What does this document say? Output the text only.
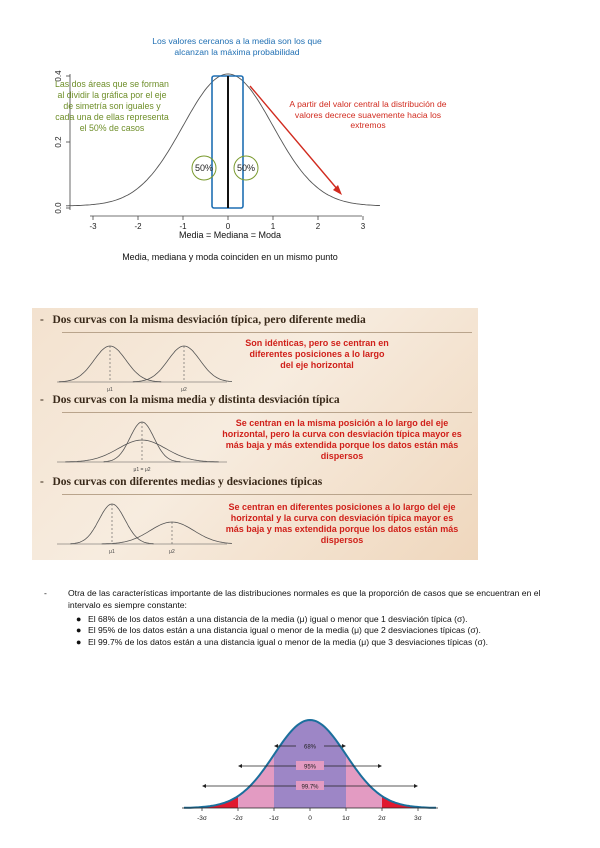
0.0
0.2
0.4
-3	-2	-1	0	1	2	3
50%	50%
Los valores cercanos a la media son los que alcanzan la máxima probabilidad
Las dos áreas que se forman al dividir la gráfica por el eje de simetría son iguales y cada una de ellas representa el 50% de casos
A partir del valor central la distribución de valores decrece suavemente hacia los extremos
Media = Mediana = Moda
Media, mediana y moda coinciden en un mismo punto
- Dos curvas con la misma desviación típica, pero diferente media
μ1	μ2
Son idénticas, pero se centran en diferentes posiciones a lo largo del eje horizontal
- Dos curvas con la misma media y distinta desviación típica
μ1 = μ2
Se centran en la misma posición a lo largo del eje horizontal, pero la curva con desviación típica mayor es más baja y más extendida porque los datos están más dispersos
- Dos curvas con diferentes medias y desviaciones típicas
μ1	μ2
Se centran en diferentes posiciones a lo largo del eje horizontal y la curva con desviación típica mayor es más baja y mas extendida porque los datos están más dispersos
- Otra de las características importante de las distribuciones normales es que la proporción de casos que se encuentran en el intervalo es siempre constante:
● El 68% de los datos están a una distancia de la media (μ) igual o menor que 1 desviación típica (σ).
● El 95% de los datos están a una distancia igual o menor de la media (μ) que 2 desviaciones típicas (σ).
● El 99.7% de los datos están a una distancia igual o menor de la media (μ) que 3 desviaciones típicas (σ).
68%
95%
99.7%
-3σ	-2σ	-1σ	0	1σ	2σ	3σ
